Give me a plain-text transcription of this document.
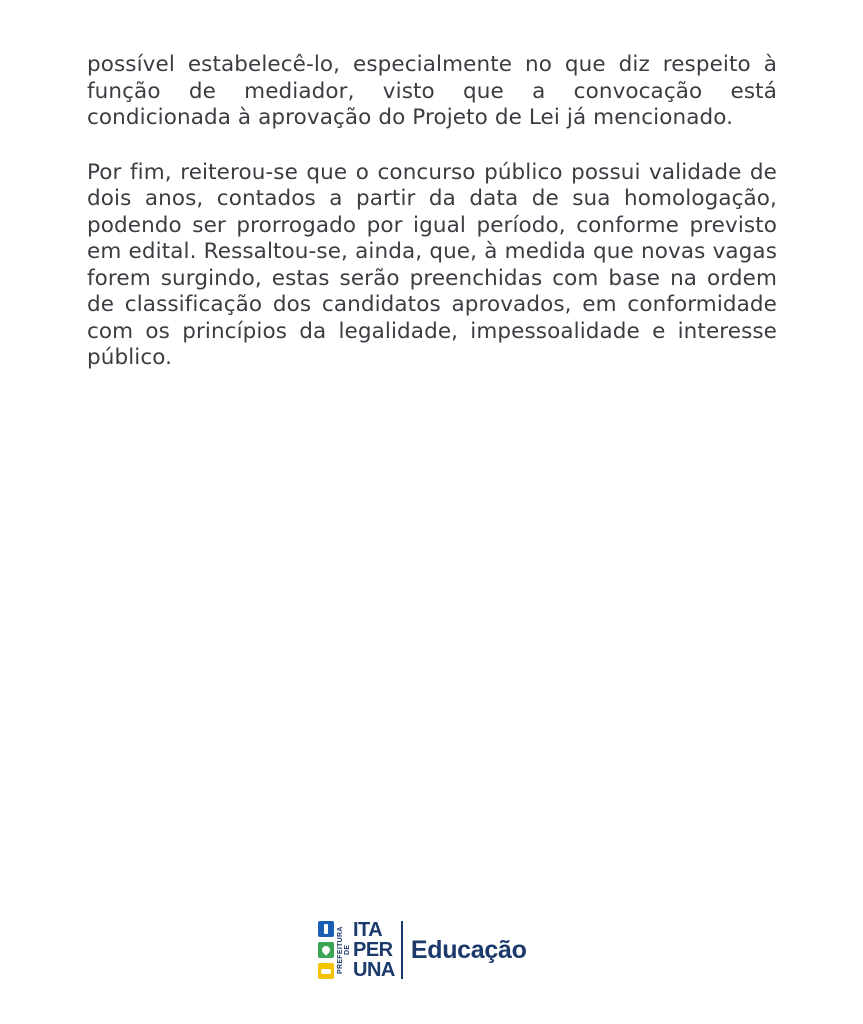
possível estabelecê-lo, especialmente no que diz respeito à função de mediador, visto que a convocação está condicionada à aprovação do Projeto de Lei já mencionado.

Por fim, reiterou-se que o concurso público possui validade de dois anos, contados a partir da data de sua homologação, podendo ser prorrogado por igual período, conforme previsto em edital. Ressaltou-se, ainda, que, à medida que novas vagas forem surgindo, estas serão preenchidas com base na ordem de classificação dos candidatos aprovados, em conformidade com os princípios da legalidade, impessoalidade e interesse público.

PREFEITURA DE
ITA
PER
UNA
Educação
